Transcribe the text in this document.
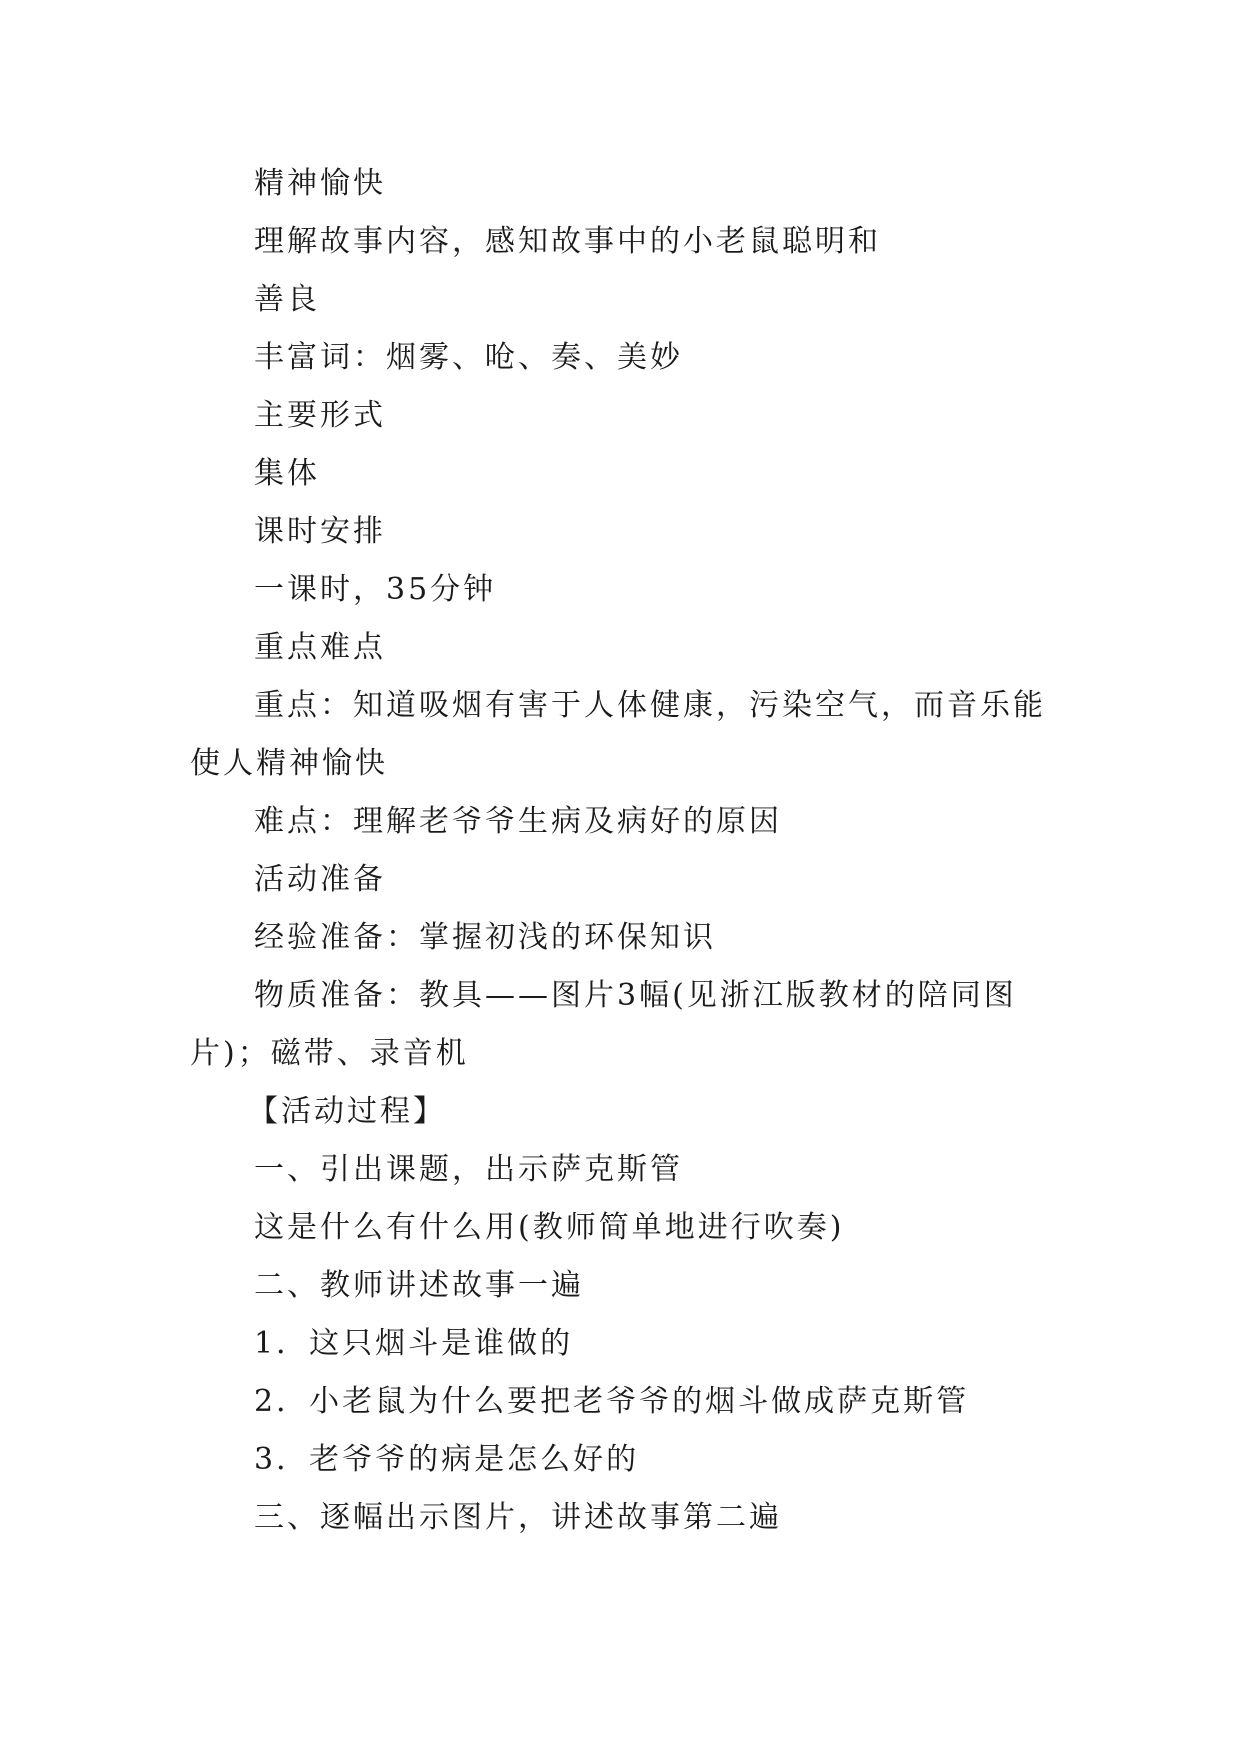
精神愉快

理解故事内容，感知故事中的小老鼠聪明和

善良

丰富词：烟雾、呛、奏、美妙

主要形式

集体

课时安排

一课时，35分钟

重点难点

重点：知道吸烟有害于人体健康，污染空气，而音乐能使人精神愉快

难点：理解老爷爷生病及病好的原因

活动准备

经验准备：掌握初浅的环保知识

物质准备：教具——图片3幅(见浙江版教材的陪同图片)；磁带、录音机

【活动过程】

一、引出课题，出示萨克斯管

这是什么有什么用(教师简单地进行吹奏)

二、教师讲述故事一遍

1．这只烟斗是谁做的

2．小老鼠为什么要把老爷爷的烟斗做成萨克斯管

3．老爷爷的病是怎么好的

三、逐幅出示图片，讲述故事第二遍
